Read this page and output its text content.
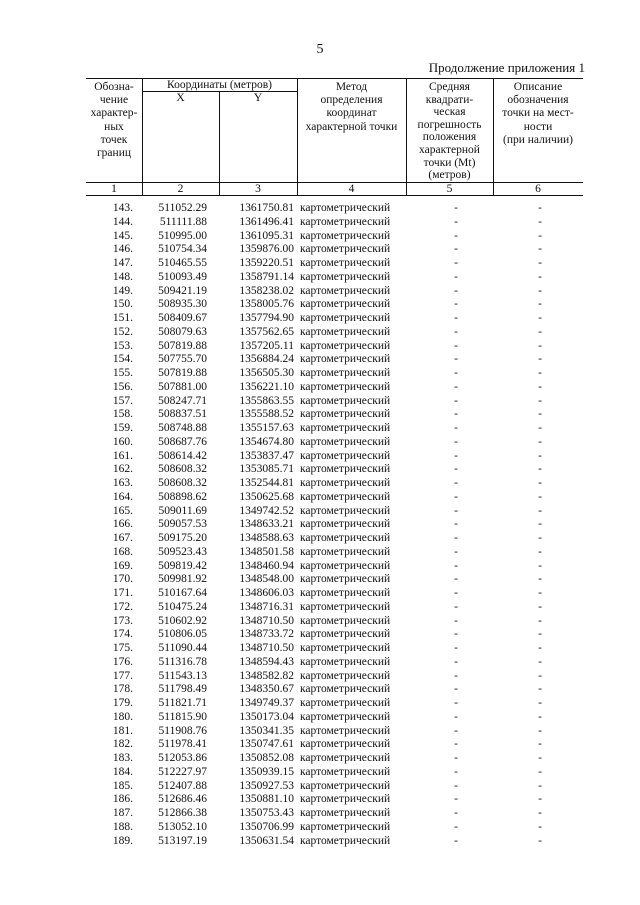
5
Продолжение приложения 1
Обозна-
чение
характер-
ных
точек
границ
Координаты (метров)
X	Y
Метод
определения
координат
характерной точки
Средняя
квадрати-
ческая
погрешность
положения
характерной
точки (Mt)
(метров)
Описание
обозначения
точки на мест-
ности
(при наличии)
1	2	3	4	5	6
143.	511052.29	1361750.81 картометрический	-	-
144.	511111.88	1361496.41 картометрический	-	-
145.	510995.00	1361095.31 картометрический	-	-
146.	510754.34	1359876.00 картометрический	-	-
147.	510465.55	1359220.51 картометрический	-	-
148.	510093.49	1358791.14 картометрический	-	-
149.	509421.19	1358238.02 картометрический	-	-
150.	508935.30	1358005.76 картометрический	-	-
151.	508409.67	1357794.90 картометрический	-	-
152.	508079.63	1357562.65 картометрический	-	-
153.	507819.88	1357205.11 картометрический	-	-
154.	507755.70	1356884.24 картометрический	-	-
155.	507819.88	1356505.30 картометрический	-	-
156.	507881.00	1356221.10 картометрический	-	-
157.	508247.71	1355863.55 картометрический	-	-
158.	508837.51	1355588.52 картометрический	-	-
159.	508748.88	1355157.63 картометрический	-	-
160.	508687.76	1354674.80 картометрический	-	-
161.	508614.42	1353837.47 картометрический	-	-
162.	508608.32	1353085.71 картометрический	-	-
163.	508608.32	1352544.81 картометрический	-	-
164.	508898.62	1350625.68 картометрический	-	-
165.	509011.69	1349742.52 картометрический	-	-
166.	509057.53	1348633.21 картометрический	-	-
167.	509175.20	1348588.63 картометрический	-	-
168.	509523.43	1348501.58 картометрический	-	-
169.	509819.42	1348460.94 картометрический	-	-
170.	509981.92	1348548.00 картометрический	-	-
171.	510167.64	1348606.03 картометрический	-	-
172.	510475.24	1348716.31 картометрический	-	-
173.	510602.92	1348710.50 картометрический	-	-
174.	510806.05	1348733.72 картометрический	-	-
175.	511090.44	1348710.50 картометрический	-	-
176.	511316.78	1348594.43 картометрический	-	-
177.	511543.13	1348582.82 картометрический	-	-
178.	511798.49	1348350.67 картометрический	-	-
179.	511821.71	1349749.37 картометрический	-	-
180.	511815.90	1350173.04 картометрический	-	-
181.	511908.76	1350341.35 картометрический	-	-
182.	511978.41	1350747.61 картометрический	-	-
183.	512053.86	1350852.08 картометрический	-	-
184.	512227.97	1350939.15 картометрический	-	-
185.	512407.88	1350927.53 картометрический	-	-
186.	512686.46	1350881.10 картометрический	-	-
187.	512866.38	1350753.43 картометрический	-	-
188.	513052.10	1350706.99 картометрический	-	-
189.	513197.19	1350631.54 картометрический	-	-
